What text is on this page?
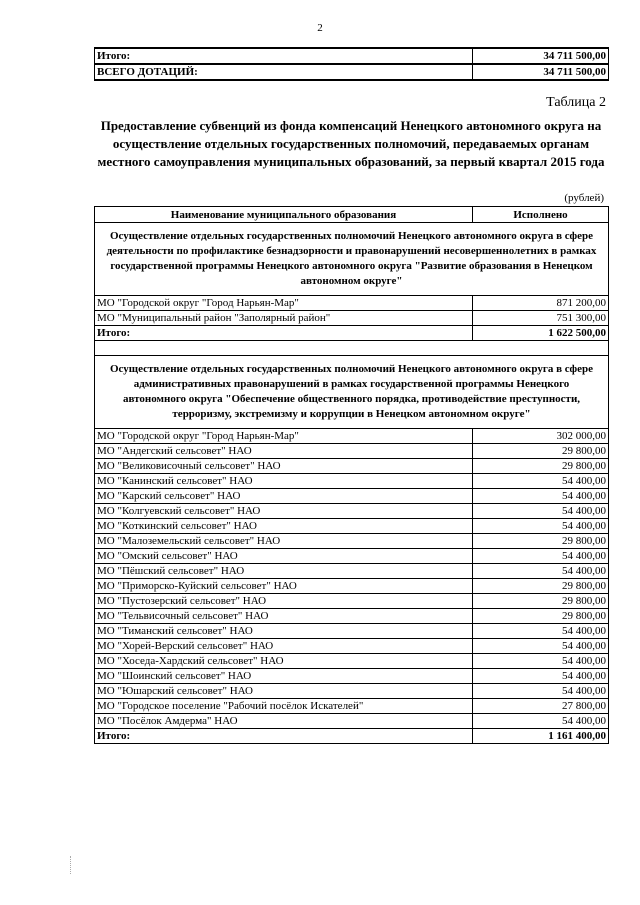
2
Итого:	34 711 500,00
ВСЕГО ДОТАЦИЙ:	34 711 500,00
Таблица 2
Предоставление субвенций из фонда компенсаций Ненецкого автономного округа на осуществление отдельных государственных полномочий, передаваемых органам местного самоуправления муниципальных образований, за первый квартал 2015 года
(рублей)
Наименование муниципального образования	Исполнено
Осуществление отдельных государственных полномочий Ненецкого автономного округа в сфере деятельности по профилактике безнадзорности и правонарушений несовершеннолетних в рамках государственной программы Ненецкого автономного округа "Развитие образования в Ненецком автономном округе"	
МО "Городской округ "Город Нарьян-Мар"	871 200,00
МО "Муниципальный район "Заполярный район"	751 300,00
Итого:	1 622 500,00

Осуществление отдельных государственных полномочий Ненецкого автономного округа в сфере административных правонарушений в рамках государственной программы Ненецкого автономного округа "Обеспечение общественного порядка, противодействие преступности, терроризму, экстремизму и коррупции в Ненецком автономном округе"	
МО "Городской округ "Город Нарьян-Мар"	302 000,00
МО "Андегский сельсовет" НАО	29 800,00
МО "Великовисочный сельсовет" НАО	29 800,00
МО "Канинский сельсовет" НАО	54 400,00
МО "Карский сельсовет" НАО	54 400,00
МО "Колгуевский сельсовет" НАО	54 400,00
МО "Коткинский сельсовет" НАО	54 400,00
МО "Малоземельский сельсовет" НАО	29 800,00
МО "Омский сельсовет" НАО	54 400,00
МО "Пёшский сельсовет" НАО	54 400,00
МО "Приморско-Куйский сельсовет" НАО	29 800,00
МО "Пустозерский сельсовет" НАО	29 800,00
МО "Тельвисочный сельсовет" НАО	29 800,00
МО "Тиманский сельсовет" НАО	54 400,00
МО "Хорей-Верский сельсовет" НАО	54 400,00
МО "Хоседа-Хардский сельсовет" НАО	54 400,00
МО "Шоинский сельсовет" НАО	54 400,00
МО "Юшарский сельсовет" НАО	54 400,00
МО "Городское поселение "Рабочий посёлок Искателей"	27 800,00
МО "Посёлок Амдерма" НАО	54 400,00
Итого:	1 161 400,00
